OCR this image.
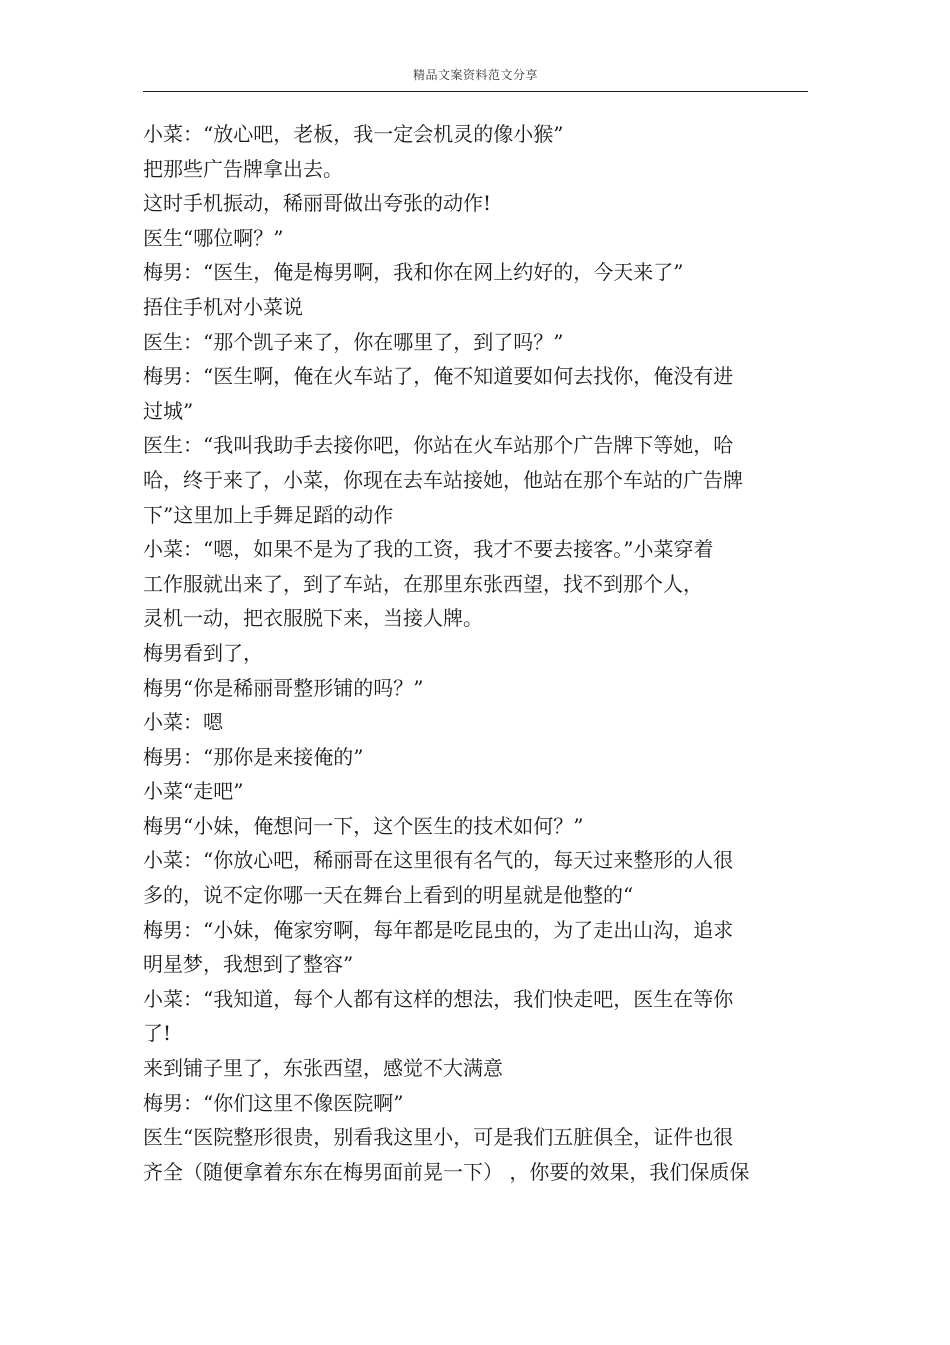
精品文案资料范文分享
小菜：“放心吧，老板，我一定会机灵的像小猴”
把那些广告牌拿出去。
这时手机振动，稀丽哥做出夸张的动作!
医生“哪位啊？”
梅男：“医生，俺是梅男啊，我和你在网上约好的，今天来了”
捂住手机对小菜说
医生：“那个凯子来了，你在哪里了，到了吗？”
梅男：“医生啊，俺在火车站了，俺不知道要如何去找你，俺没有进
过城”
医生：“我叫我助手去接你吧，你站在火车站那个广告牌下等她，哈
哈，终于来了，小菜，你现在去车站接她，他站在那个车站的广告牌
下”这里加上手舞足蹈的动作
小菜：“嗯，如果不是为了我的工资，我才不要去接客。”小菜穿着
工作服就出来了，到了车站，在那里东张西望，找不到那个人，
灵机一动，把衣服脱下来，当接人牌。
梅男看到了，
梅男“你是稀丽哥整形铺的吗？”
小菜：嗯
梅男：“那你是来接俺的”
小菜“走吧”
梅男“小妹，俺想问一下，这个医生的技术如何？”
小菜：“你放心吧，稀丽哥在这里很有名气的，每天过来整形的人很
多的，说不定你哪一天在舞台上看到的明星就是他整的“
梅男：“小妹，俺家穷啊，每年都是吃昆虫的，为了走出山沟，追求
明星梦，我想到了整容”
小菜：“我知道，每个人都有这样的想法，我们快走吧，医生在等你
了!
来到铺子里了，东张西望，感觉不大满意
梅男：“你们这里不像医院啊”
医生“医院整形很贵，别看我这里小，可是我们五脏俱全，证件也很
齐全（随便拿着东东在梅男面前晃一下） ，你要的效果，我们保质保
